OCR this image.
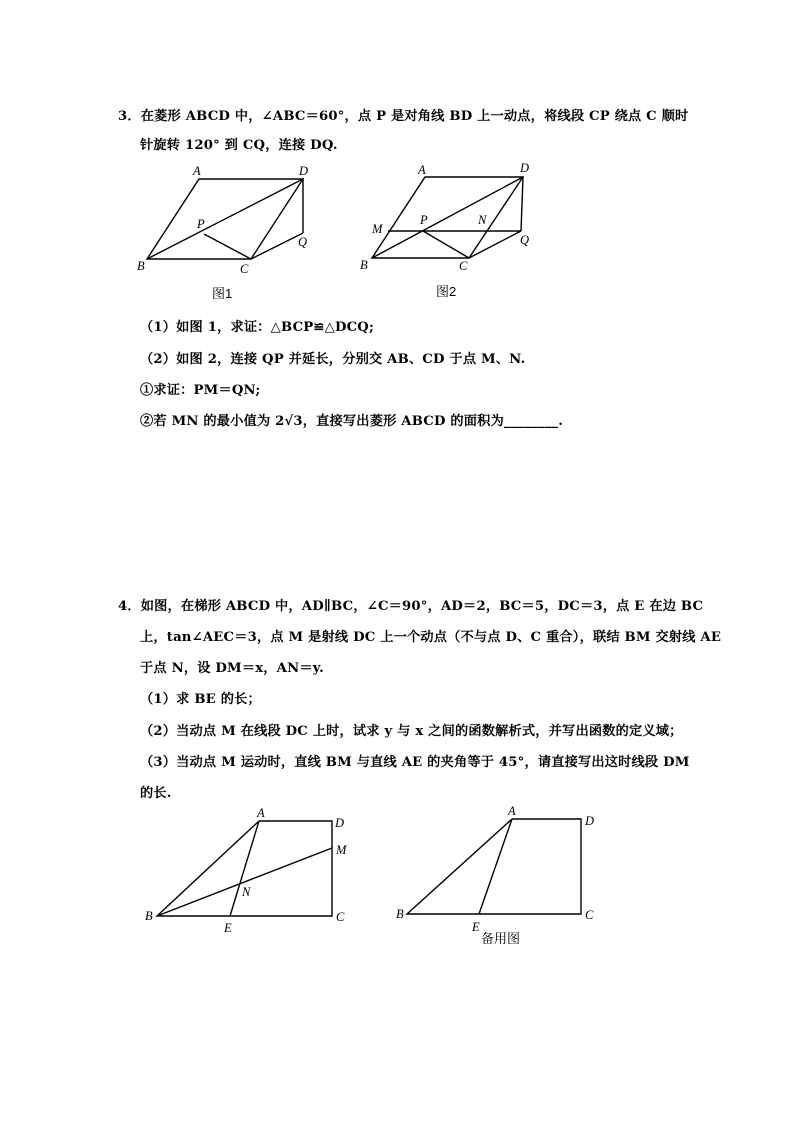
3．在菱形 ABCD 中，∠ABC＝60°，点 P 是对角线 BD 上一动点，将线段 CP 绕点 C 顺时
针旋转 120° 到 CQ，连接 DQ.
A	D
P
Q
B	C
图1
A	D
M
P	N
Q
B	C
图2
（1）如图 1，求证：△BCP≌△DCQ;
（2）如图 2，连接 QP 并延长，分别交 AB、CD 于点 M、N.
①求证：PM＝QN;
②若 MN 的最小值为 2√3，直接写出菱形 ABCD 的面积为________.
4．如图，在梯形 ABCD 中，AD∥BC，∠C＝90°，AD＝2，BC＝5，DC＝3，点 E 在边 BC
上，tan∠AEC＝3，点 M 是射线 DC 上一个动点（不与点 D、C 重合），联结 BM 交射线 AE
于点 N，设 DM＝x，AN＝y.
（1）求 BE 的长；
（2）当动点 M 在线段 DC 上时，试求 y 与 x 之间的函数解析式，并写出函数的定义域；
（3）当动点 M 运动时，直线 BM 与直线 AE 的夹角等于 45°，请直接写出这时线段 DM
的长.
A
D
M
N
B	C
E
A
D
B	C
E
备用图
